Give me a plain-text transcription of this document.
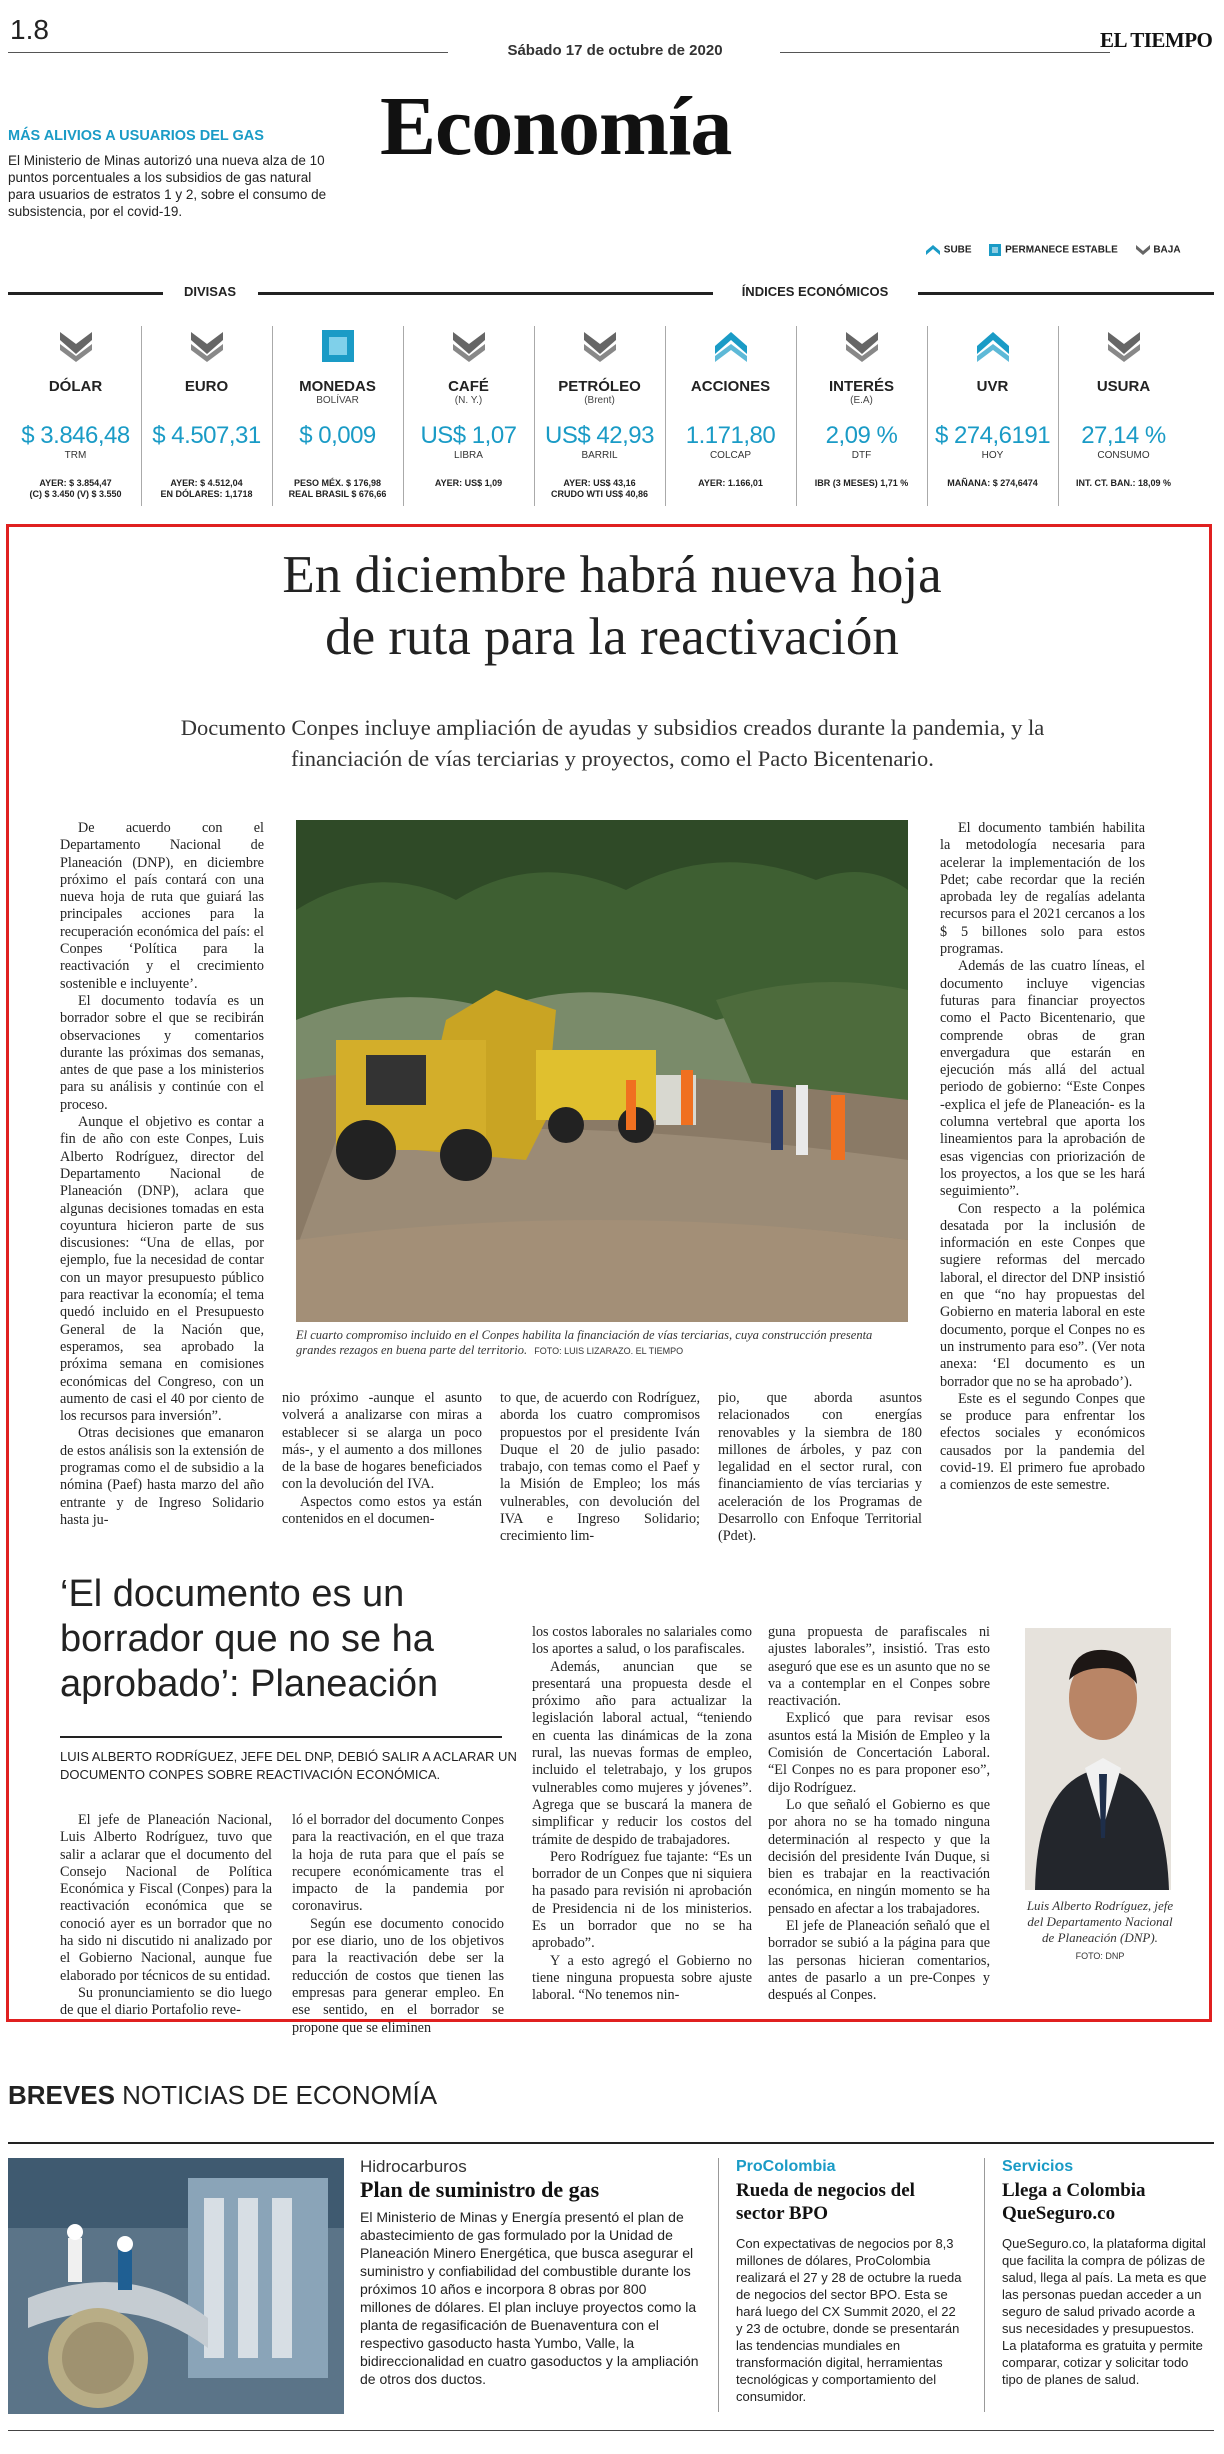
1.8
Sábado 17 de octubre de 2020	EL TIEMPO
Economía
MÁS ALIVIOS A USUARIOS DEL GAS
El Ministerio de Minas autorizó una nueva alza de 10 puntos porcentuales a los subsidios de gas natural para usuarios de estratos 1 y 2, sobre el consumo de subsistencia, por el covid-19.
SUBE	PERMANECE ESTABLE	BAJA
DIVISAS	ÍNDICES ECONÓMICOS
DÓLAR
$ 3.846,48
TRM
AYER: $ 3.854,47
(C) $ 3.450 (V) $ 3.550
EURO
$ 4.507,31
AYER: $ 4.512,04
EN DÓLARES: 1,1718
MONEDAS
BOLÍVAR
$ 0,009
PESO MÉX. $ 176,98
REAL BRASIL $ 676,66
CAFÉ
(N. Y.)
US$ 1,07
LIBRA
AYER: US$ 1,09
PETRÓLEO
(Brent)
US$ 42,93
BARRIL
AYER: US$ 43,16
CRUDO WTI US$ 40,86
ACCIONES
1.171,80
COLCAP
AYER: 1.166,01
INTERÉS
(E.A)
2,09 %
DTF
IBR (3 MESES) 1,71 %
UVR
$ 274,6191
HOY
MAÑANA: $ 274,6474
USURA
27,14 %
CONSUMO
INT. CT. BAN.: 18,09 %
En diciembre habrá nueva hoja
de ruta para la reactivación
Documento Conpes incluye ampliación de ayudas y subsidios creados durante la pandemia, y la financiación de vías terciarias y proyectos, como el Pacto Bicentenario.

De acuerdo con el Departamento Nacional de Planeación (DNP), en diciembre próximo el país contará con una nueva hoja de ruta que guiará las principales acciones para la recuperación económica del país: el Conpes ‘Política para la reactivación y el crecimiento sostenible e incluyente’.

El documento todavía es un borrador sobre el que se recibirán observaciones y comentarios durante las próximas dos semanas, antes de que pase a los ministerios para su análisis y continúe con el proceso.

Aunque el objetivo es contar a fin de año con este Conpes, Luis Alberto Rodríguez, director del Departamento Nacional de Planeación (DNP), aclara que algunas decisiones tomadas en esta coyuntura hicieron parte de sus discusiones: “Una de ellas, por ejemplo, fue la necesidad de contar con un mayor presupuesto público para reactivar la economía; el tema quedó incluido en el Presupuesto General de la Nación que, esperamos, sea aprobado la próxima semana en comisiones económicas del Congreso, con un aumento de casi el 40 por ciento de los recursos para inversión”.

Otras decisiones que emanaron de estos análisis son la extensión de programas como el de subsidio a la nómina (Paef) hasta marzo del año entrante y de Ingreso Solidario hasta ju-

nio próximo -aunque el asunto volverá a analizarse con miras a establecer si se alarga un poco más-, y el aumento a dos millones de la base de hogares beneficiados con la devolución del IVA.

Aspectos como estos ya están contenidos en el documen-

to que, de acuerdo con Rodríguez, aborda los cuatro compromisos propuestos por el presidente Iván Duque el 20 de julio pasado: trabajo, con temas como el Paef y la Misión de Empleo; los más vulnerables, con devolución del IVA e Ingreso Solidario; crecimiento lim-

pio, que aborda asuntos relacionados con energías renovables y la siembra de 180 millones de árboles, y paz con legalidad en el sector rural, con financiamiento de vías terciarias y aceleración de los Programas de Desarrollo con Enfoque Territorial (Pdet).

El documento también habilita la metodología necesaria para acelerar la implementación de los Pdet; cabe recordar que la recién aprobada ley de regalías adelanta recursos para el 2021 cercanos a los $ 5 billones solo para estos programas.

Además de las cuatro líneas, el documento incluye vigencias futuras para financiar proyectos como el Pacto Bicentenario, que comprende obras de gran envergadura que estarán en ejecución más allá del actual periodo de gobierno: “Este Conpes -explica el jefe de Planeación- es la columna vertebral que aporta los lineamientos para la aprobación de esas vigencias con priorización de los proyectos, a los que se les hará seguimiento”.

Con respecto a la polémica desatada por la inclusión de información en este Conpes que sugiere reformas del mercado laboral, el director del DNP insistió en que “no hay propuestas del Gobierno en materia laboral en este documento, porque el Conpes no es un instrumento para eso”. (Ver nota anexa: ‘El documento es un borrador que no se ha aprobado’).

Este es el segundo Conpes que se produce para enfrentar los efectos sociales y económicos causados por la pandemia del covid-19. El primero fue aprobado a comienzos de este semestre.

El cuarto compromiso incluido en el Conpes habilita la financiación de vías terciarias, cuya construcción presenta grandes rezagos en buena parte del territorio. FOTO: LUIS LIZARAZO. EL TIEMPO
‘El documento es un
borrador que no se ha
aprobado’: Planeación
LUIS ALBERTO RODRÍGUEZ, JEFE DEL DNP, DEBIÓ SALIR A ACLARAR UN DOCUMENTO CONPES SOBRE REACTIVACIÓN ECONÓMICA.

El jefe de Planeación Nacional, Luis Alberto Rodríguez, tuvo que salir a aclarar que el documento del Consejo Nacional de Política Económica y Fiscal (Conpes) para la reactivación económica que se conoció ayer es un borrador que no ha sido ni discutido ni analizado por el Gobierno Nacional, aunque fue elaborado por técnicos de su entidad.

Su pronunciamiento se dio luego de que el diario Portafolio reve-

ló el borrador del documento Conpes para la reactivación, en el que traza la hoja de ruta para que el país se recupere económicamente tras el impacto de la pandemia por coronavirus.

Según ese documento conocido por ese diario, uno de los objetivos para la reactivación debe ser la reducción de costos que tienen las empresas para generar empleo. En ese sentido, en el borrador se propone que se eliminen

los costos laborales no salariales como los aportes a salud, o los parafiscales.

Además, anuncian que se presentará una propuesta desde el próximo año para actualizar la legislación laboral actual, “teniendo en cuenta las dinámicas de la zona rural, las nuevas formas de empleo, incluido el teletrabajo, y los grupos vulnerables como mujeres y jóvenes”. Agrega que se buscará la manera de simplificar y reducir los costos del trámite de despido de trabajadores.

Pero Rodríguez fue tajante: “Es un borrador de un Conpes que ni siquiera ha pasado para revisión ni aprobación de Presidencia ni de los ministerios. Es un borrador que no se ha aprobado”.

Y a esto agregó el Gobierno no tiene ninguna propuesta sobre ajuste laboral. “No tenemos nin-

guna propuesta de parafiscales ni ajustes laborales”, insistió. Tras esto aseguró que ese es un asunto que no se va a contemplar en el Conpes sobre reactivación.

Explicó que para revisar esos asuntos está la Misión de Empleo y la Comisión de Concertación Laboral. “El Conpes no es para proponer eso”, dijo Rodríguez.

Lo que señaló el Gobierno es que por ahora no se ha tomado ninguna determinación al respecto y que la decisión del presidente Iván Duque, si bien es trabajar en la reactivación económica, en ningún momento se ha pensado en afectar a los trabajadores.

El jefe de Planeación señaló que el borrador se subió a la página para que las personas hicieran comentarios, antes de pasarlo a un pre-Conpes y después al Conpes.

Luis Alberto Rodríguez, jefe del Departamento Nacional de Planeación (DNP).
FOTO: DNP
BREVES NOTICIAS DE ECONOMÍA
Hidrocarburos
Plan de suministro de gas
El Ministerio de Minas y Energía presentó el plan de abastecimiento de gas formulado por la Unidad de Planeación Minero Energética, que busca asegurar el suministro y confiabilidad del combustible durante los próximos 10 años e incorpora 8 obras por 800 millones de dólares. El plan incluye proyectos como la planta de regasificación de Buenaventura con el respectivo gasoducto hasta Yumbo, Valle, la bidireccionalidad en cuatro gasoductos y la ampliación de otros dos ductos.
ProColombia
Rueda de negocios del sector BPO
Con expectativas de negocios por 8,3 millones de dólares, ProColombia realizará el 27 y 28 de octubre la rueda de negocios del sector BPO. Esta se hará luego del CX Summit 2020, el 22 y 23 de octubre, donde se presentarán las tendencias mundiales en transformación digital, herramientas tecnológicas y comportamiento del consumidor.
Servicios
Llega a Colombia QueSeguro.co
QueSeguro.co, la plataforma digital que facilita la compra de pólizas de salud, llega al país. La meta es que las personas puedan acceder a un seguro de salud privado acorde a sus necesidades y presupuestos. La plataforma es gratuita y permite comparar, cotizar y solicitar todo tipo de planes de salud.
